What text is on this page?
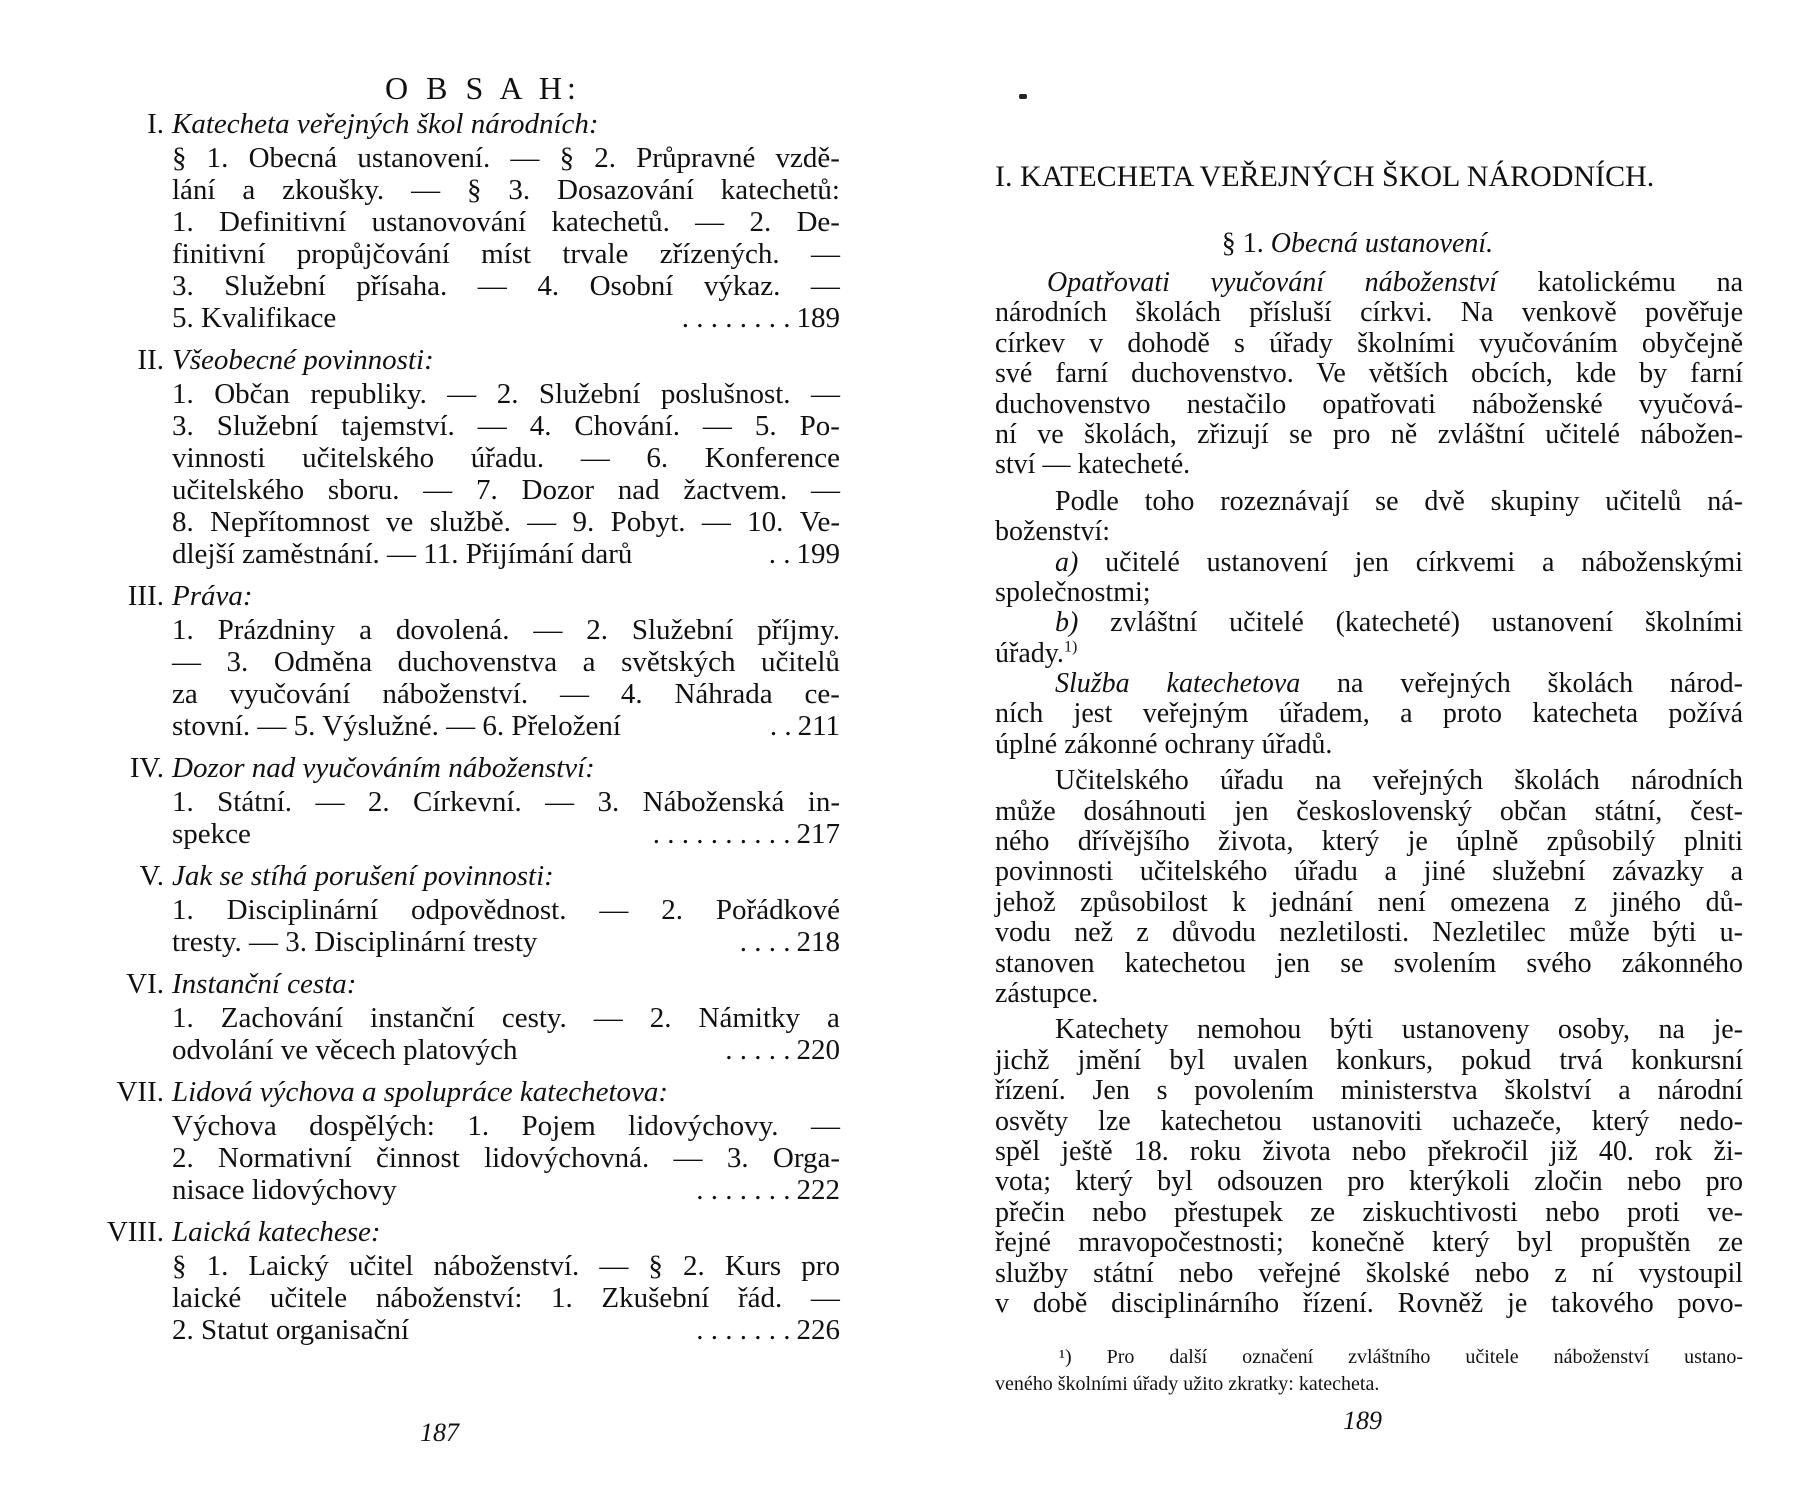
O B S A H:
I. Katecheta veřejných škol národních:
§ 1. Obecná ustanovení. — § 2. Průpravné vzdě-
lání a zkoušky. — § 3. Dosazování katechetů:
1. Definitivní ustanovování katechetů. — 2. De-
finitivní propůjčování míst trvale zřízených. —
3. Služební přísaha. — 4. Osobní výkaz. —
5. Kvalifikace	. . . . . . . . 189
II. Všeobecné povinnosti:
1. Občan republiky. — 2. Služební poslušnost. —
3. Služební tajemství. — 4. Chování. — 5. Po-
vinnosti učitelského úřadu. — 6. Konference
učitelského sboru. — 7. Dozor nad žactvem. —
8. Nepřítomnost ve službě. — 9. Pobyt. — 10. Ve-
dlejší zaměstnání. — 11. Přijímání darů	. . 199
III. Práva:
1. Prázdniny a dovolená. — 2. Služební příjmy.
— 3. Odměna duchovenstva a světských učitelů
za vyučování náboženství. — 4. Náhrada ce-
stovní. — 5. Výslužné. — 6. Přeložení	. . 211
IV. Dozor nad vyučováním náboženství:
1. Státní. — 2. Církevní. — 3. Náboženská in-
spekce	. . . . . . . . . . 217
V. Jak se stíhá porušení povinnosti:
1. Disciplinární odpovědnost. — 2. Pořádkové
tresty. — 3. Disciplinární tresty	. . . . 218
VI. Instanční cesta:
1. Zachování instanční cesty. — 2. Námitky a
odvolání ve věcech platových	. . . . . 220
VII. Lidová výchova a spolupráce katechetova:
Výchova dospělých: 1. Pojem lidovýchovy. —
2. Normativní činnost lidovýchovná. — 3. Orga-
nisace lidovýchovy	. . . . . . . 222
VIII. Laická katechese:
§ 1. Laický učitel náboženství. — § 2. Kurs pro
laické učitele náboženství: 1. Zkušební řád. —
2. Statut organisační	. . . . . . . 226
187
I. KATECHETA VEŘEJNÝCH ŠKOL NÁRODNÍCH.
§ 1. Obecná ustanovení.
Opatřovati vyučování náboženství katolickému na
národních školách přísluší církvi. Na venkově pověřuje
církev v dohodě s úřady školními vyučováním obyčejně
své farní duchovenstvo. Ve větších obcích, kde by farní
duchovenstvo nestačilo opatřovati náboženské vyučová-
ní ve školách, zřizují se pro ně zvláštní učitelé nábožen-
ství — katecheté.
Podle toho rozeznávají se dvě skupiny učitelů ná-
boženství:
a) učitelé ustanovení jen církvemi a náboženskými
společnostmi;
b) zvláštní učitelé (katecheté) ustanovení školními
úřady.$^{1)}$
Služba katechetova na veřejných školách národ-
ních jest veřejným úřadem, a proto katecheta požívá
úplné zákonné ochrany úřadů.
Učitelského úřadu na veřejných školách národních
může dosáhnouti jen československý občan státní, čest-
ného dřívějšího života, který je úplně způsobilý plniti
povinnosti učitelského úřadu a jiné služební závazky a
jehož způsobilost k jednání není omezena z jiného dů-
vodu než z důvodu nezletilosti. Nezletilec může býti u-
stanoven katechetou jen se svolením svého zákonného
zástupce.
Katechety nemohou býti ustanoveny osoby, na je-
jichž jmění byl uvalen konkurs, pokud trvá konkursní
řízení. Jen s povolením ministerstva školství a národní
osvěty lze katechetou ustanoviti uchazeče, který nedo-
spěl ještě 18. roku života nebo překročil již 40. rok ži-
vota; který byl odsouzen pro kterýkoli zločin nebo pro
přečin nebo přestupek ze ziskuchtivosti nebo proti ve-
řejné mravopočestnosti; konečně který byl propuštěn ze
služby státní nebo veřejné školské nebo z ní vystoupil
v době disciplinárního řízení. Rovněž je takového povo-
¹) Pro další označení zvláštního učitele náboženství ustano-
veného školními úřady užito zkratky: katecheta.
189
